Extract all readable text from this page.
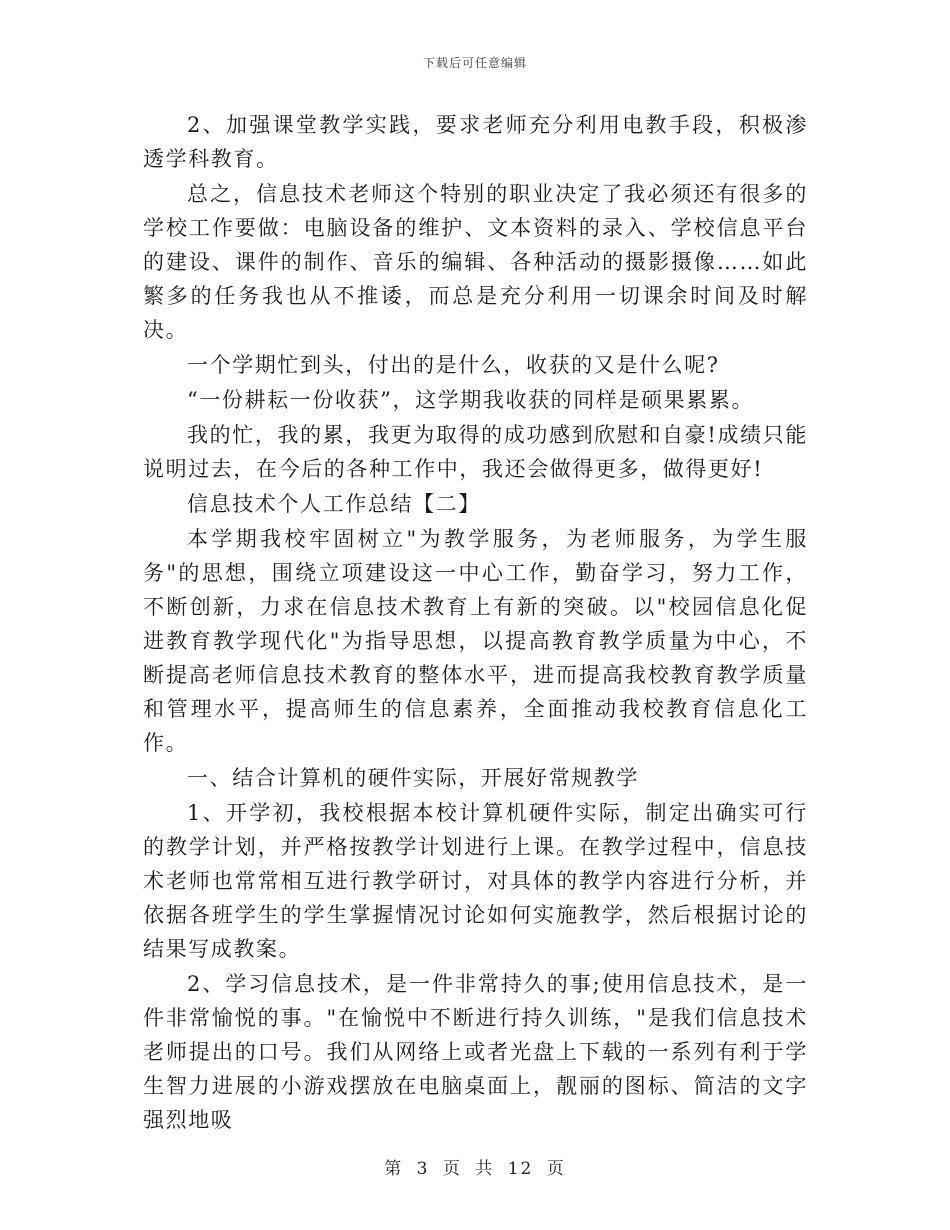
下载后可任意编辑

2、加强课堂教学实践，要求老师充分利用电教手段，积极渗透学科教育。

总之，信息技术老师这个特别的职业决定了我必须还有很多的学校工作要做：电脑设备的维护、文本资料的录入、学校信息平台的建设、课件的制作、音乐的编辑、各种活动的摄影摄像……如此繁多的任务我也从不推诿，而总是充分利用一切课余时间及时解决。

一个学期忙到头，付出的是什么，收获的又是什么呢?

“一份耕耘一份收获”，这学期我收获的同样是硕果累累。

我的忙，我的累，我更为取得的成功感到欣慰和自豪!成绩只能说明过去，在今后的各种工作中，我还会做得更多，做得更好!

信息技术个人工作总结【二】

本学期我校牢固树立"为教学服务，为老师服务，为学生服务"的思想，围绕立项建设这一中心工作，勤奋学习，努力工作，不断创新，力求在信息技术教育上有新的突破。以"校园信息化促进教育教学现代化"为指导思想，以提高教育教学质量为中心，不断提高老师信息技术教育的整体水平，进而提高我校教育教学质量和管理水平，提高师生的信息素养，全面推动我校教育信息化工作。

一、结合计算机的硬件实际，开展好常规教学

1、开学初，我校根据本校计算机硬件实际，制定出确实可行的教学计划，并严格按教学计划进行上课。在教学过程中，信息技术老师也常常相互进行教学研讨，对具体的教学内容进行分析，并依据各班学生的学生掌握情况讨论如何实施教学，然后根据讨论的结果写成教案。

2、学习信息技术，是一件非常持久的事;使用信息技术，是一件非常愉悦的事。"在愉悦中不断进行持久训练，"是我们信息技术老师提出的口号。我们从网络上或者光盘上下载的一系列有利于学生智力进展的小游戏摆放在电脑桌面上，靓丽的图标、简洁的文字强烈地吸

第 3 页 共 12 页
